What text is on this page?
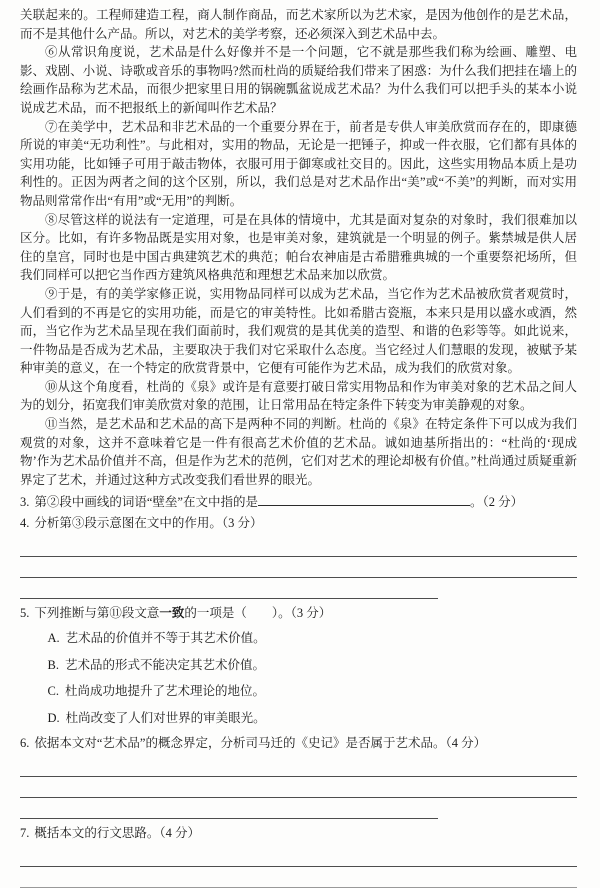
关联起来的。工程师建造工程，商人制作商品，而艺术家所以为艺术家，是因为他创作的是艺术品，而不是其他什么产品。所以，对艺术的美学考察，还必须深入到艺术品中去。
⑥从常识角度说，艺术品是什么好像并不是一个问题，它不就是那些我们称为绘画、雕塑、电影、戏剧、小说、诗歌或音乐的事物吗?然而杜尚的质疑给我们带来了困惑：为什么我们把挂在墙上的绘画作品称为艺术品，而很少把家里日用的锅碗瓢盆说成艺术品？为什么我们可以把手头的某本小说说成艺术品，而不把报纸上的新闻叫作艺术品？
⑦在美学中，艺术品和非艺术品的一个重要分界在于，前者是专供人审美欣赏而存在的，即康德所说的审美“无功利性”。与此相对，实用的物品，无论是一把锤子，抑或一件衣服，它们都有具体的实用功能，比如锤子可用于敲击物体，衣服可用于御寒或社交目的。因此，这些实用物品本质上是功利性的。正因为两者之间的这个区别，所以，我们总是对艺术品作出“美”或“不美”的判断，而对实用物品则常常作出“有用”或“无用”的判断。
⑧尽管这样的说法有一定道理，可是在具体的情境中，尤其是面对复杂的对象时，我们很难加以区分。比如，有许多物品既是实用对象，也是审美对象，建筑就是一个明显的例子。紫禁城是供人居住的皇宫，同时也是中国古典建筑艺术的典范；帕台农神庙是古希腊雅典城的一个重要祭祀场所，但我们同样可以把它当作西方建筑风格典范和理想艺术品来加以欣赏。
⑨于是，有的美学家修正说，实用物品同样可以成为艺术品，当它作为艺术品被欣赏者观赏时，人们看到的不再是它的实用功能，而是它的审美特性。比如希腊古瓷瓶，本来只是用以盛水或酒，然而，当它作为艺术品呈现在我们面前时，我们观赏的是其优美的造型、和谐的色彩等等。如此说来，一件物品是否成为艺术品，主要取决于我们对它采取什么态度。当它经过人们慧眼的发现，被赋予某种审美的意义，在一个特定的欣赏背景中，它便有可能作为艺术品，成为我们的欣赏对象。
⑩从这个角度看，杜尚的《泉》或许是有意要打破日常实用物品和作为审美对象的艺术品之间人为的划分，拓宽我们审美欣赏对象的范围，让日常用品在特定条件下转变为审美静观的对象。
⑪当然，是艺术品和艺术品的高下是两种不同的判断。杜尚的《泉》在特定条件下可以成为我们观赏的对象，这并不意味着它是一件有很高艺术价值的艺术品。诚如迪基所指出的：“杜尚的‘现成物’作为艺术品价值并不高，但是作为艺术的范例，它们对艺术的理论却极有价值。”杜尚通过质疑重新界定了艺术，并通过这种方式改变我们看世界的眼光。
3. 第②段中画线的词语“壁垒”在文中指的是	。（2 分）
4. 分析第③段示意图在文中的作用。（3 分）
5. 下列推断与第⑪段文意一致的一项是（　　）。（3 分）
A. 艺术品的价值并不等于其艺术价值。
B. 艺术品的形式不能决定其艺术价值。
C. 杜尚成功地提升了艺术理论的地位。
D. 杜尚改变了人们对世界的审美眼光。
6. 依据本文对“艺术品”的概念界定，分析司马迁的《史记》是否属于艺术品。（4 分）
7. 概括本文的行文思路。（4 分）
